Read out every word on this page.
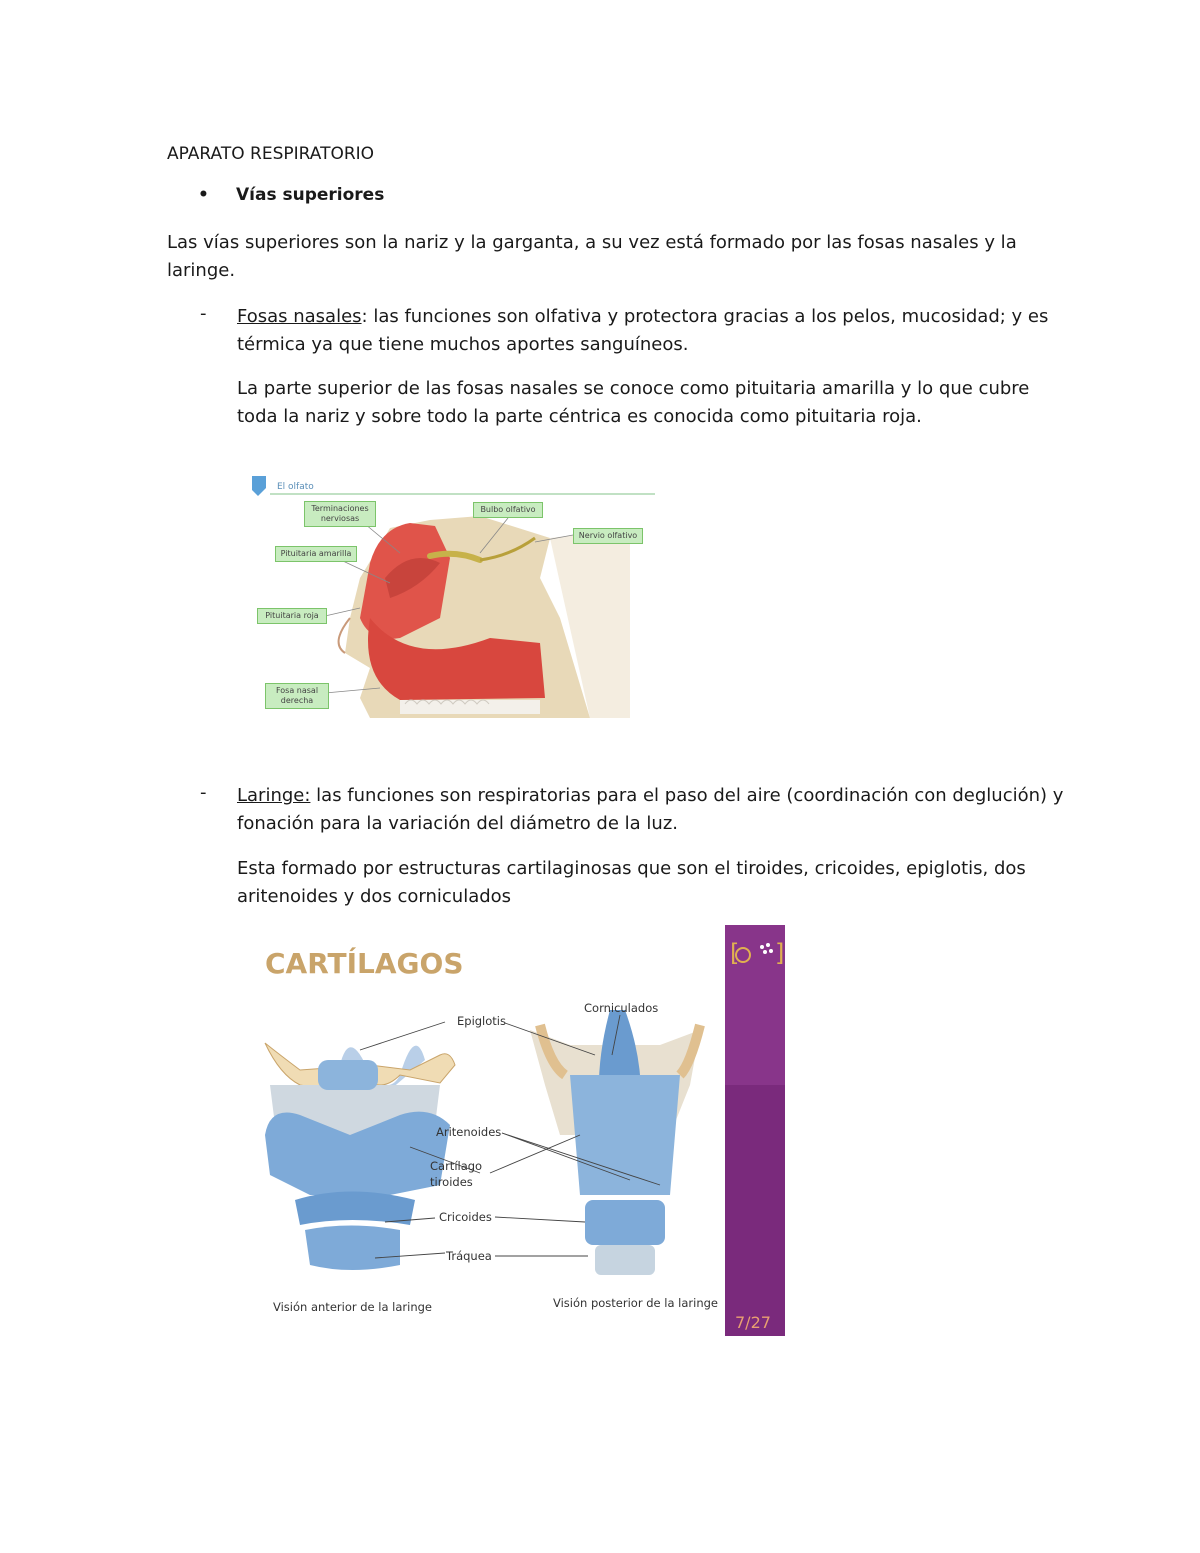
APARATO RESPIRATORIO

• Vías superiores

Las vías superiores son la nariz y la garganta, a su vez está formado por las fosas nasales y la

laringe.

- Fosas nasales: las funciones son olfativa y protectora gracias a los pelos, mucosidad; y es

térmica ya que tiene muchos aportes sanguíneos.

La parte superior de las fosas nasales se conoce como pituitaria amarilla y lo que cubre

toda la nariz y sobre todo la parte céntrica es conocida como pituitaria roja.

El olfato
Terminaciones nerviosas
Bulbo olfativo
Nervio olfativo
Pituitaria amarilla
Pituitaria roja
Fosa nasal derecha
- Laringe: las funciones son respiratorias para el paso del aire (coordinación con deglución) y

fonación para la variación del diámetro de la luz.

Esta formado por estructuras cartilaginosas que son el tiroides, cricoides, epiglotis, dos

aritenoides y dos corniculados

[ ]
CARTÍLAGOS
Epiglotis
Corniculados
Aritenoides
Cartílago tiroides
Cricoides
Tráquea
Visión anterior de la laringe	Visión posterior de la laringe
7/27
